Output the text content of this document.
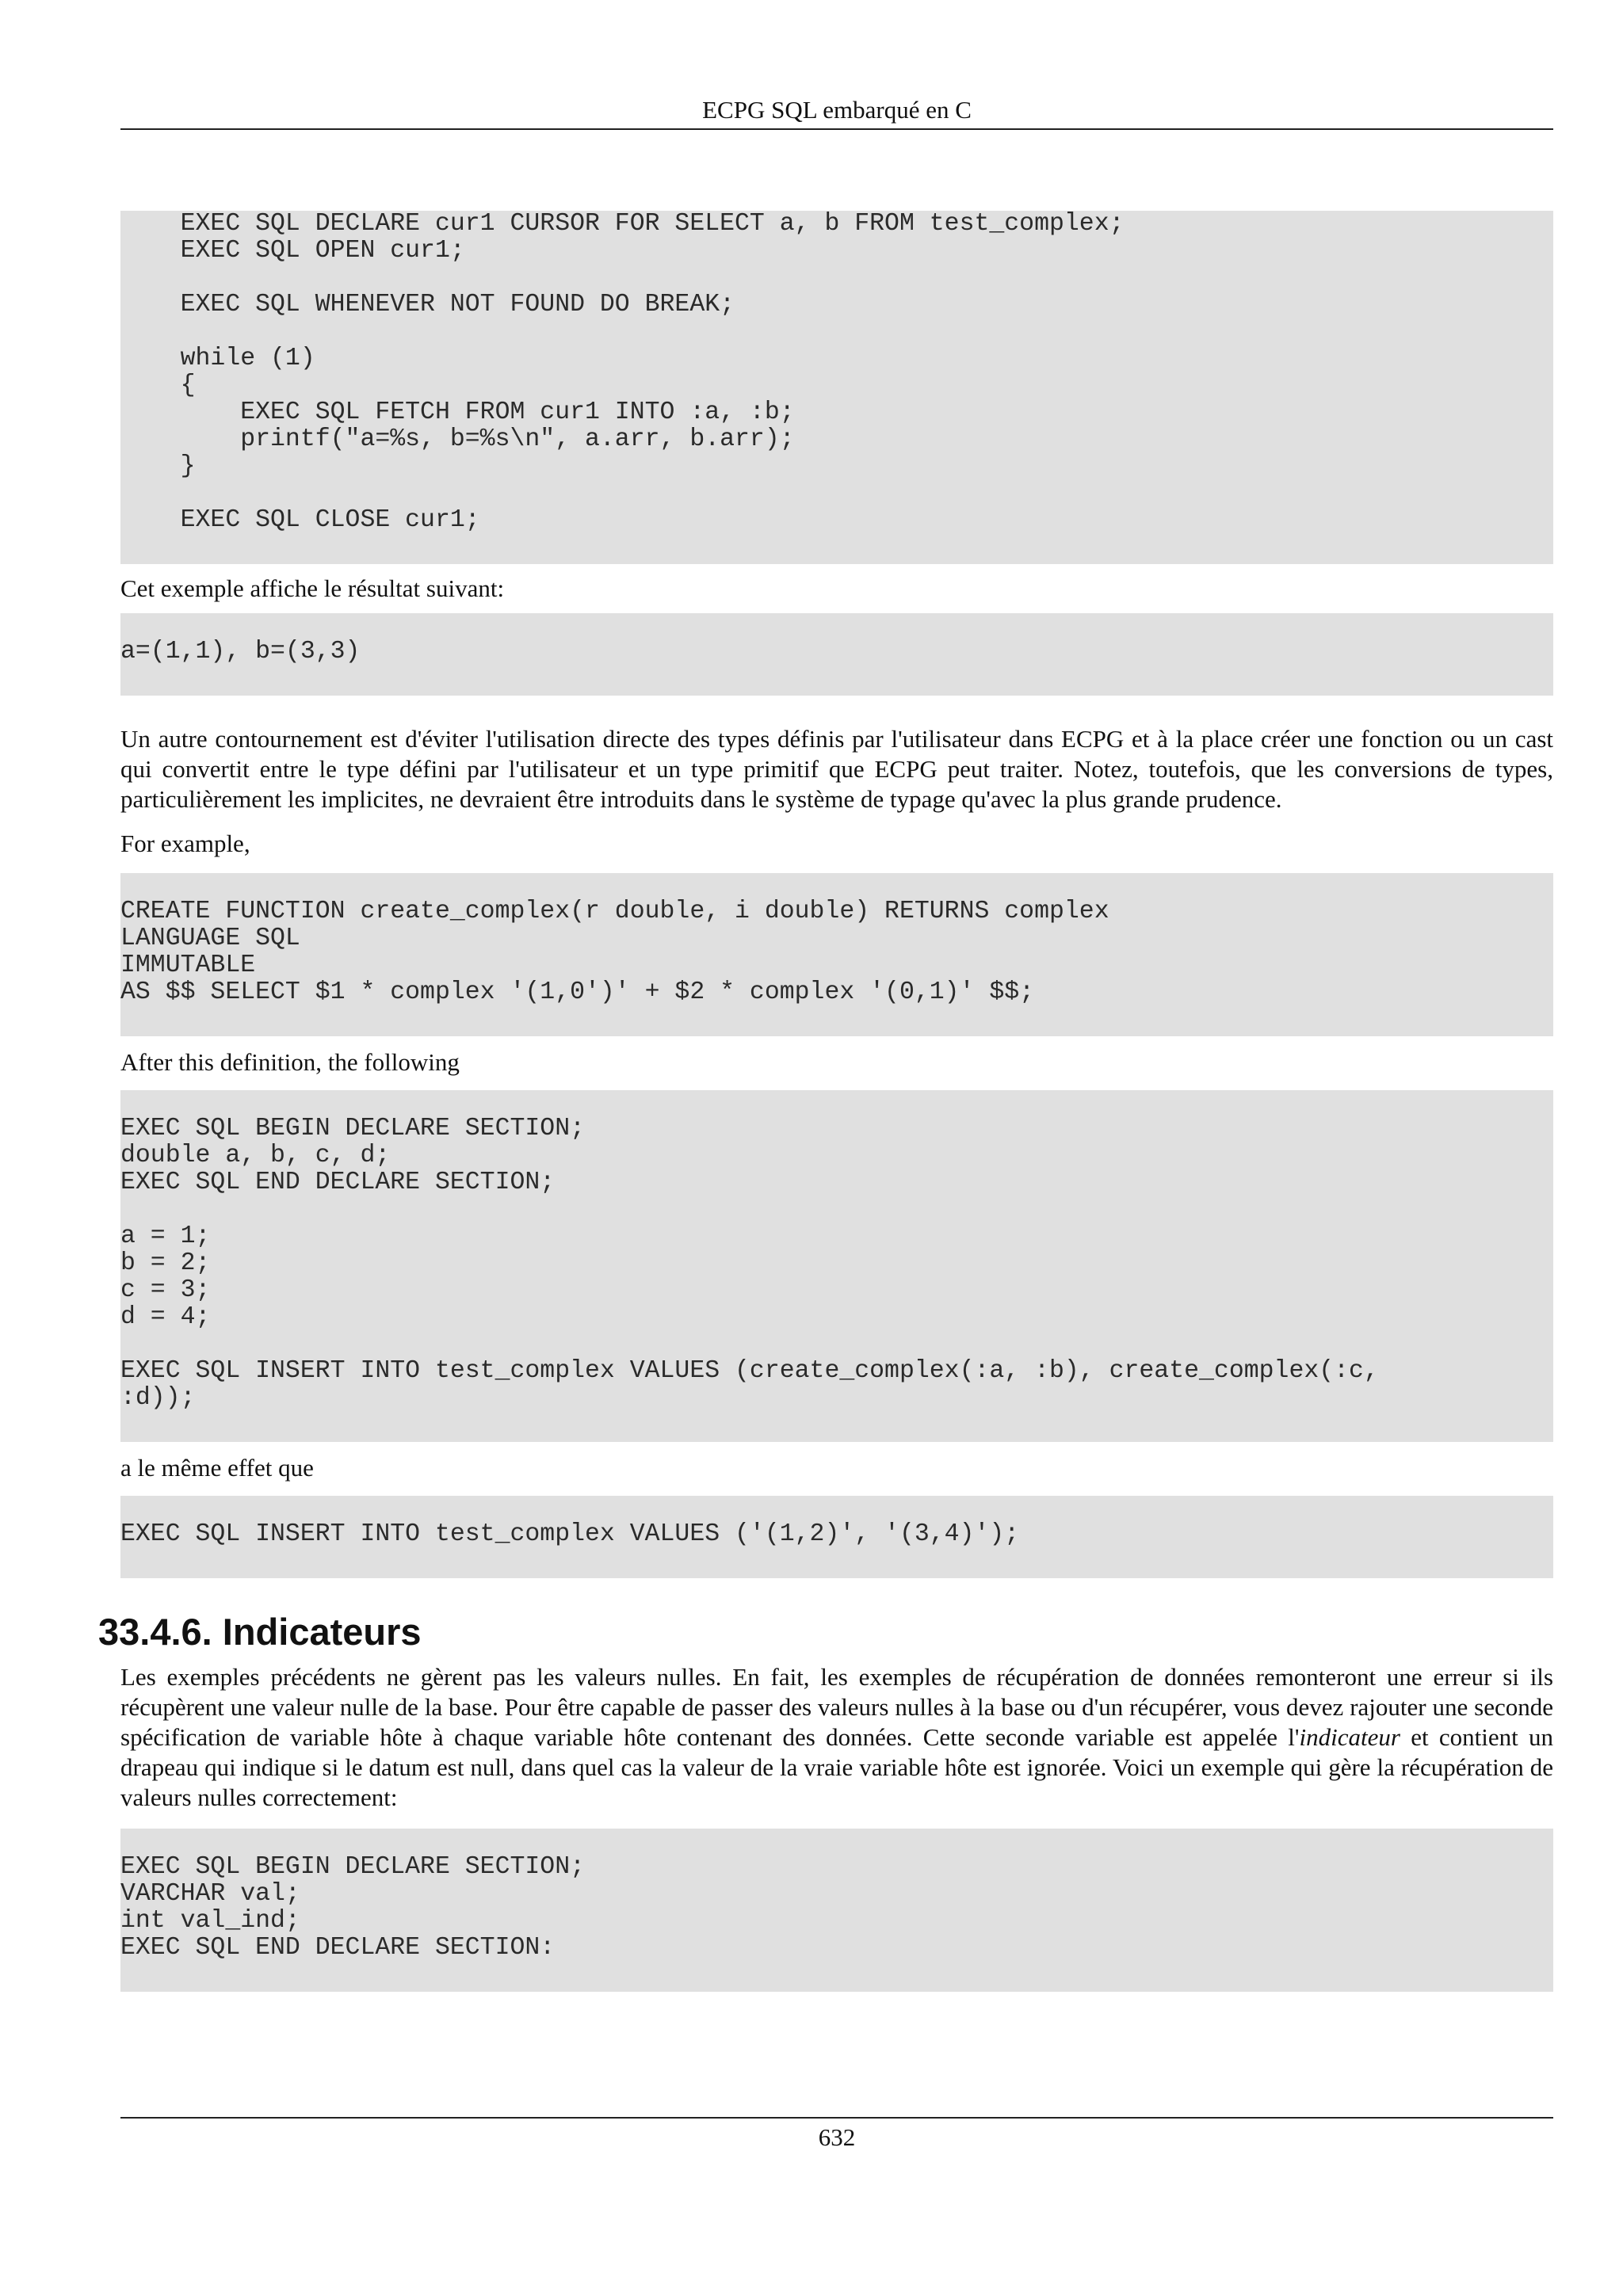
ECPG SQL embarqué en C
EXEC SQL DECLARE cur1 CURSOR FOR SELECT a, b FROM test_complex;
EXEC SQL OPEN cur1;

EXEC SQL WHENEVER NOT FOUND DO BREAK;

while (1)
{
EXEC SQL FETCH FROM cur1 INTO :a, :b;
printf("a=%s, b=%s\n", a.arr, b.arr);
}

EXEC SQL CLOSE cur1;

Cet exemple affiche le résultat suivant:

a=(1,1), b=(3,3)

Un autre contournement est d'éviter l'utilisation directe des types définis par l'utilisateur dans ECPG et à la place créer une fonction ou un cast qui convertit entre le type défini par l'utilisateur et un type primitif que ECPG peut traiter. Notez, toutefois, que les conversions de types, particulièrement les implicites, ne devraient être introduits dans le système de typage qu'avec la plus grande prudence.

For example,

CREATE FUNCTION create_complex(r double, i double) RETURNS complex
LANGUAGE SQL
IMMUTABLE
AS $$ SELECT $1 * complex '(1,0')' + $2 * complex '(0,1)' $$;

After this definition, the following

EXEC SQL BEGIN DECLARE SECTION;
double a, b, c, d;
EXEC SQL END DECLARE SECTION;

a = 1;
b = 2;
c = 3;
d = 4;

EXEC SQL INSERT INTO test_complex VALUES (create_complex(:a, :b), create_complex(:c,
:d));

a le même effet que

EXEC SQL INSERT INTO test_complex VALUES ('(1,2)', '(3,4)');
33.4.6. Indicateurs

Les exemples précédents ne gèrent pas les valeurs nulles. En fait, les exemples de récupération de données remonteront une erreur si ils récupèrent une valeur nulle de la base. Pour être capable de passer des valeurs nulles à la base ou d'un récupérer, vous devez rajouter une seconde spécification de variable hôte à chaque variable hôte contenant des données. Cette seconde variable est appelée l'indicateur et contient un drapeau qui indique si le datum est null, dans quel cas la valeur de la vraie variable hôte est ignorée. Voici un exemple qui gère la récupération de valeurs nulles correctement:

EXEC SQL BEGIN DECLARE SECTION;
VARCHAR val;
int val_ind;
EXEC SQL END DECLARE SECTION:
632
